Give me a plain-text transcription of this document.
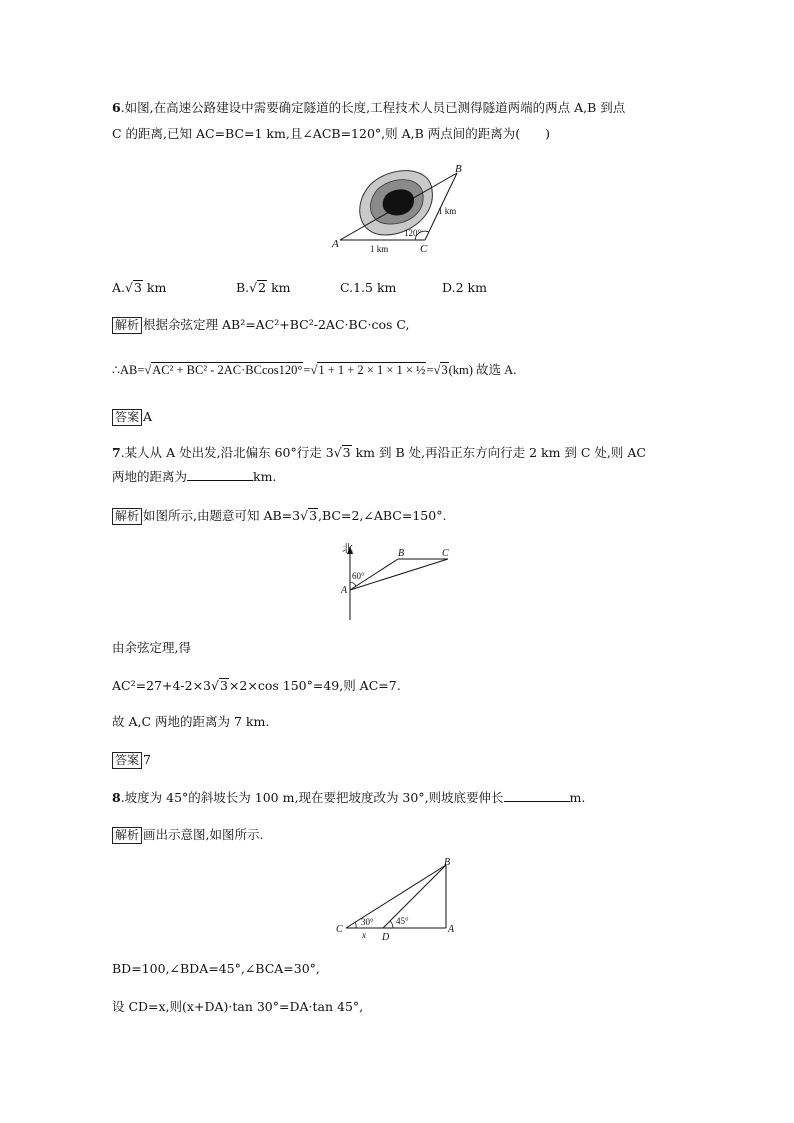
6.如图,在高速公路建设中需要确定隧道的长度,工程技术人员已测得隧道两端的两点 A,B 到点
C 的距离,已知 AC=BC=1 km,且∠ACB=120°,则 A,B 两点间的距离为(　　)
B
A	C
1 km
1 km
120°
A.√3 km	B.√2 km	C.1.5 km	D.2 km
解析 根据余弦定理 AB²=AC²+BC²-2AC·BC·cos C,
∴AB=√AC² + BC² - 2AC·BCcos120°=√1 + 1 + 2 × 1 × 1 × ½=√3(km) 故选 A.
答案 A
7.某人从 A 处出发,沿北偏东 60°行走 3√3 km 到 B 处,再沿正东方向行走 2 km 到 C 处,则 AC
两地的距离为	km.
解析 如图所示,由题意可知 AB=3√3,BC=2,∠ABC=150°.
北
A
B	C
60°
由余弦定理,得
AC²=27+4-2×3√3×2×cos 150°=49,则 AC=7.
故 A,C 两地的距离为 7 km.
答案 7
8.坡度为 45°的斜坡长为 100 m,现在要把坡度改为 30°,则坡底要伸长	m.
解析 画出示意图,如图所示.
B
C
D
A
x
30° 45°
BD=100,∠BDA=45°,∠BCA=30°,
设 CD=x,则(x+DA)·tan 30°=DA·tan 45°,
